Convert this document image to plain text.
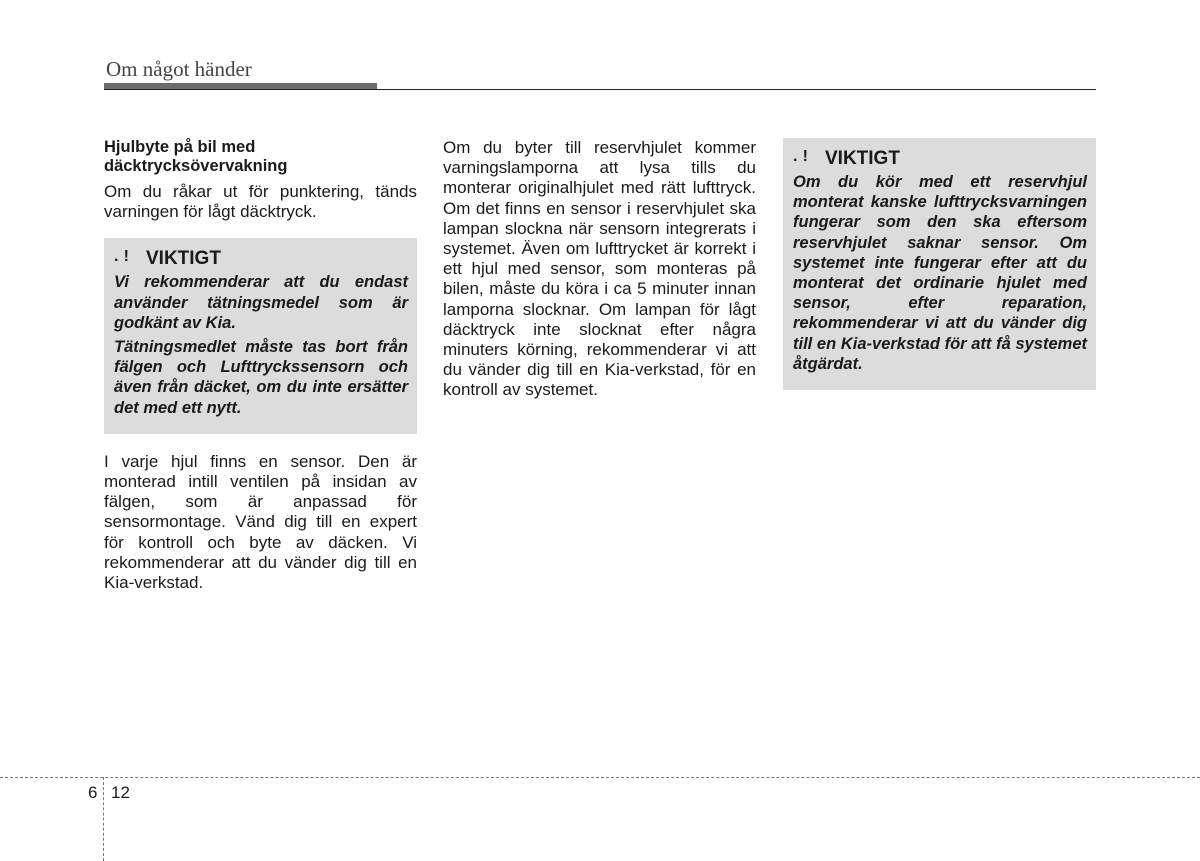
Om något händer
Hjulbyte på bil med däcktrycksövervakning

Om du råkar ut för punktering, tänds varningen för lågt däcktryck.

. ! VIKTIGT

Vi rekommenderar att du endast använder tätningsmedel som är godkänt av Kia.

Tätningsmedlet måste tas bort från fälgen och Lufttryckssensorn och även från däcket, om du inte ersätter det med ett nytt.

I varje hjul finns en sensor. Den är monterad intill ventilen på insidan av fälgen, som är anpassad för sensormontage. Vänd dig till en expert för kontroll och byte av däcken. Vi rekommenderar att du vänder dig till en Kia-verkstad.

Om du byter till reservhjulet kommer varningslamporna att lysa tills du monterar originalhjulet med rätt lufttryck. Om det finns en sensor i reservhjulet ska lampan slockna när sensorn integrerats i systemet. Även om lufttrycket är korrekt i ett hjul med sensor, som monteras på bilen, måste du köra i ca 5 minuter innan lamporna slocknar. Om lampan för lågt däcktryck inte slocknat efter några minuters körning, rekommenderar vi att du vänder dig till en Kia-verkstad, för en kontroll av systemet.

. ! VIKTIGT

Om du kör med ett reservhjul monterat kanske lufttrycksvarningen fungerar som den ska eftersom reservhjulet saknar sensor. Om systemet inte fungerar efter att du monterat det ordinarie hjulet med sensor, efter reparation, rekommenderar vi att du vänder dig till en Kia-verkstad för att få systemet åtgärdat.

6 12
